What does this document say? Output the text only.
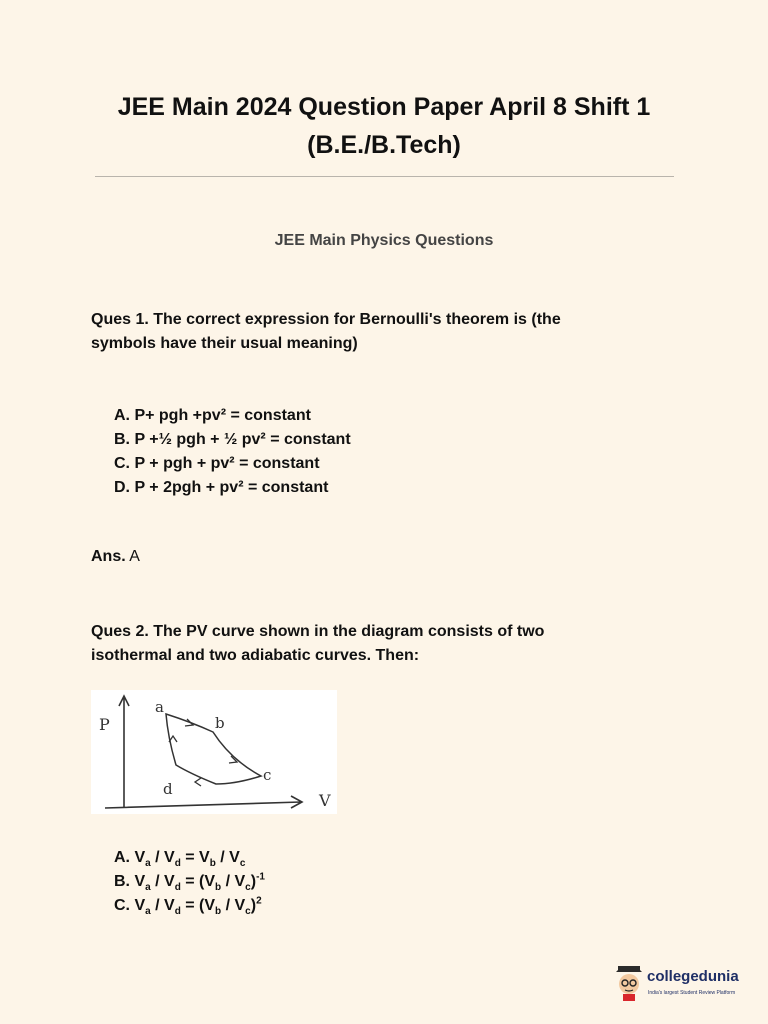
JEE Main 2024 Question Paper April 8 Shift 1
(B.E./B.Tech)
JEE Main Physics Questions
Ques 1. The correct expression for Bernoulli's theorem is (the
symbols have their usual meaning)
A. P+ pgh +pv² = constant
B. P +½ pgh + ½ pv² = constant
C. P + pgh + pv² = constant
D. P + 2pgh + pv² = constant
Ans. A
Ques 2. The PV curve shown in the diagram consists of two
isothermal and two adiabatic curves. Then:
P
V
a
b
c
d
A. $V_a / V_d = V_b / V_c$
B. $V_a / V_d = (V_b / V_c)^{-1}$
C. $V_a / V_d = (V_b / V_c)^2$
collegedunia
India's largest Student Review Platform
